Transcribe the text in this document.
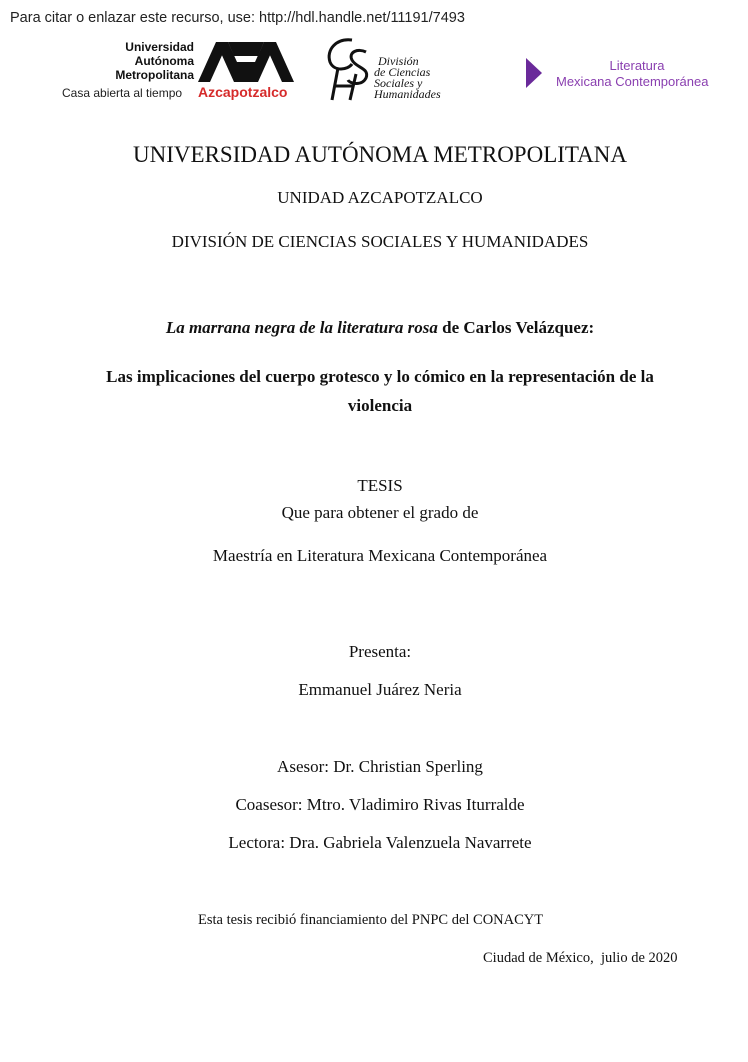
Para citar o enlazar este recurso, use: http://hdl.handle.net/11191/7493
Universidad
Autónoma
Metropolitana
Casa abierta al tiempo Azcapotzalco
División
de Ciencias
Sociales y
Humanidades
Literatura
Mexicana Contemporánea
UNIVERSIDAD AUTÓNOMA METROPOLITANA
UNIDAD AZCAPOTZALCO
DIVISIÓN DE CIENCIAS SOCIALES Y HUMANIDADES
La marrana negra de la literatura rosa de Carlos Velázquez:
Las implicaciones del cuerpo grotesco y lo cómico en la representación de la violencia
TESIS
Que para obtener el grado de
Maestría en Literatura Mexicana Contemporánea
Presenta:
Emmanuel Juárez Neria
Asesor: Dr. Christian Sperling
Coasesor: Mtro. Vladimiro Rivas Iturralde
Lectora: Dra. Gabriela Valenzuela Navarrete
Esta tesis recibió financiamiento del PNPC del CONACYT
Ciudad de México,  julio de 2020
